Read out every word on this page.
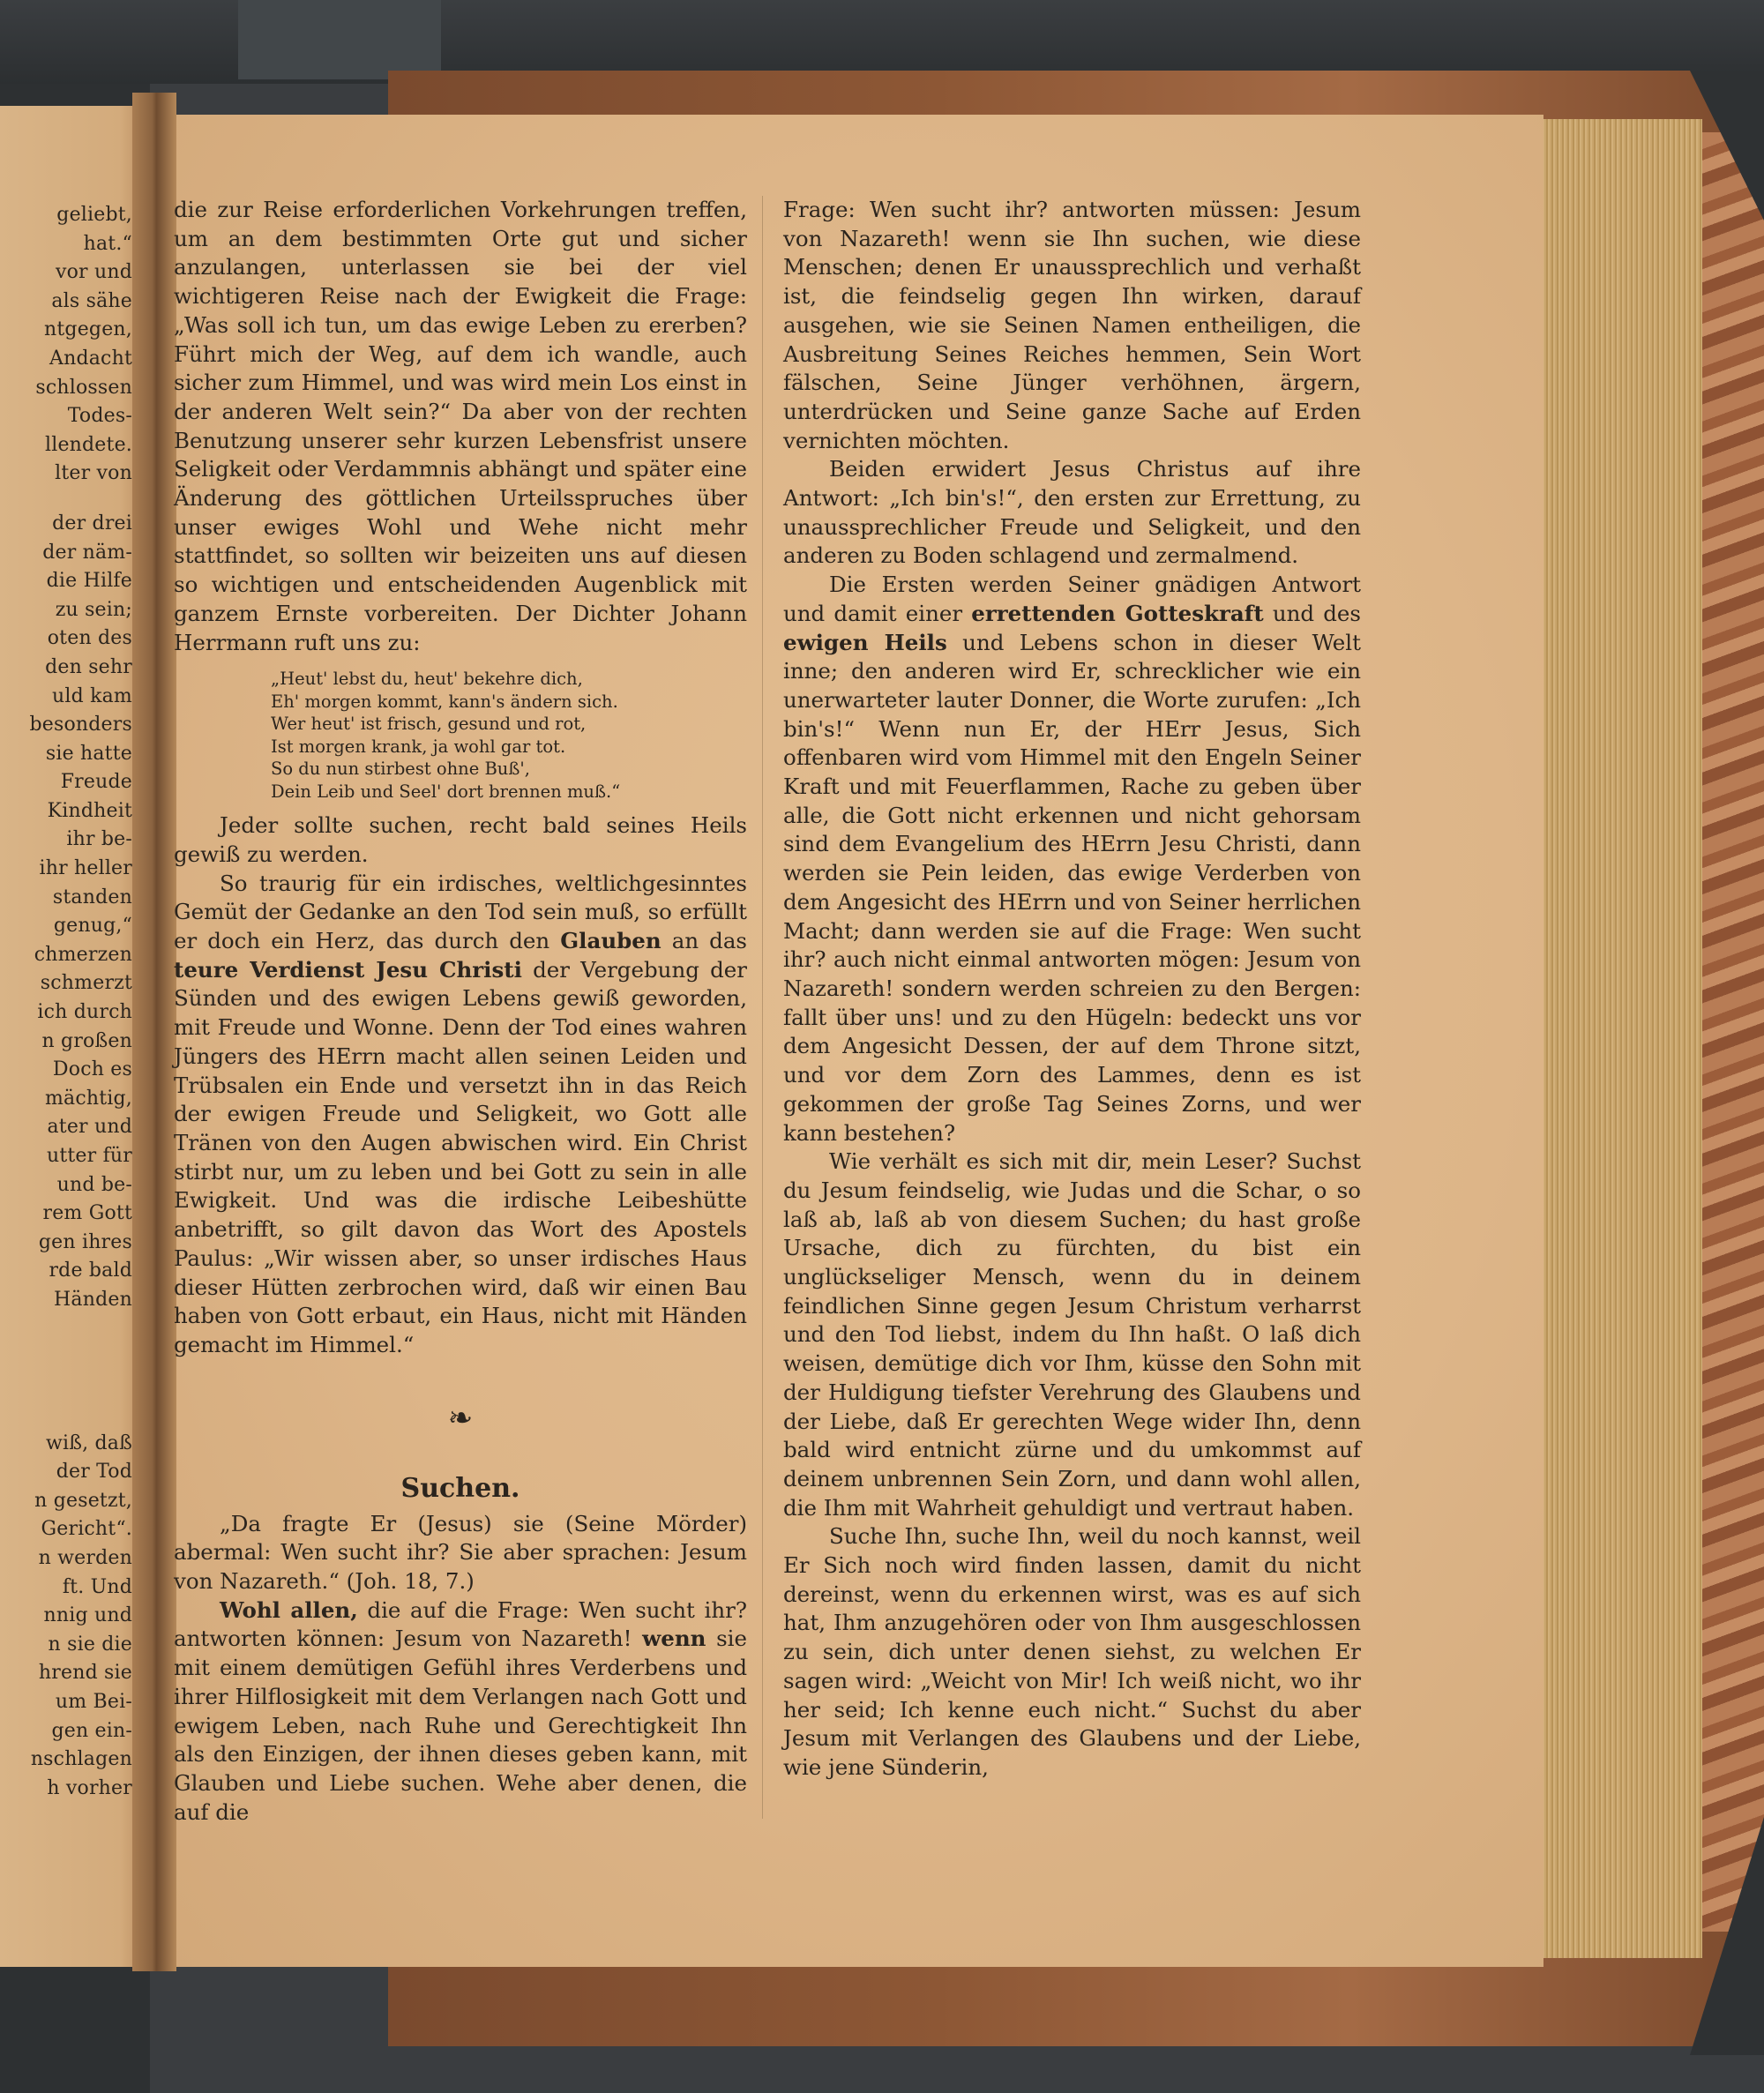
geliebt,
hat.“
vor und
als sähe
ntgegen,
Andacht
schlossen
Todes-
llendete.
lter von
der drei
der näm-
die Hilfe
zu sein;
oten des
den sehr
uld kam
besonders
sie hatte
Freude
Kindheit
ihr be-
ihr heller
standen
genug,“
chmerzen
schmerzt
ich durch
n großen
Doch es
mächtig,
ater und
utter für
und be-
rem Gott
gen ihres
rde bald
Händen
wiß, daß
der Tod
n gesetzt,
Gericht“.
n werden
ft. Und
nnig und
n sie die
hrend sie
um Bei-
gen ein-
nschlagen
h vorher

die zur Reise erforderlichen Vorkehrungen treffen, um an dem bestimmten Orte gut und sicher anzulangen, unterlassen sie bei der viel wichtigeren Reise nach der Ewigkeit die Frage: „Was soll ich tun, um das ewige Leben zu ererben? Führt mich der Weg, auf dem ich wandle, auch sicher zum Himmel, und was wird mein Los einst in der anderen Welt sein?“ Da aber von der rechten Benutzung unserer sehr kurzen Lebensfrist unsere Seligkeit oder Verdammnis abhängt und später eine Änderung des göttlichen Urteilsspruches über unser ewiges Wohl und Wehe nicht mehr stattfindet, so sollten wir beizeiten uns auf diesen so wichtigen und entscheidenden Augenblick mit ganzem Ernste vorbereiten. Der Dichter Johann Herrmann ruft uns zu:

„Heut' lebst du, heut' bekehre dich,
Eh' morgen kommt, kann's ändern sich.
Wer heut' ist frisch, gesund und rot,
Ist morgen krank, ja wohl gar tot.
So du nun stirbest ohne Buß',
Dein Leib und Seel' dort brennen muß.“

Jeder sollte suchen, recht bald seines Heils gewiß zu werden.

So traurig für ein irdisches, weltlichgesinntes Gemüt der Gedanke an den Tod sein muß, so erfüllt er doch ein Herz, das durch den Glauben an das teure Verdienst Jesu Christi der Vergebung der Sünden und des ewigen Lebens gewiß geworden, mit Freude und Wonne. Denn der Tod eines wahren Jüngers des HErrn macht allen seinen Leiden und Trübsalen ein Ende und versetzt ihn in das Reich der ewigen Freude und Seligkeit, wo Gott alle Tränen von den Augen abwischen wird. Ein Christ stirbt nur, um zu leben und bei Gott zu sein in alle Ewigkeit. Und was die irdische Leibeshütte anbetrifft, so gilt davon das Wort des Apostels Paulus: „Wir wissen aber, so unser irdisches Haus dieser Hütten zerbrochen wird, daß wir einen Bau haben von Gott erbaut, ein Haus, nicht mit Händen gemacht im Himmel.“

❧

Suchen.

„Da fragte Er (Jesus) sie (Seine Mörder) abermal: Wen sucht ihr? Sie aber sprachen: Jesum von Nazareth.“ (Joh. 18, 7.)

Wohl allen, die auf die Frage: Wen sucht ihr? antworten können: Jesum von Nazareth! wenn sie mit einem demütigen Gefühl ihres Verderbens und ihrer Hilflosigkeit mit dem Verlangen nach Gott und ewigem Leben, nach Ruhe und Gerechtigkeit Ihn als den Einzigen, der ihnen dieses geben kann, mit Glauben und Liebe suchen. Wehe aber denen, die auf die

Frage: Wen sucht ihr? antworten müssen: Jesum von Nazareth! wenn sie Ihn suchen, wie diese Menschen; denen Er unaussprechlich und verhaßt ist, die feindselig gegen Ihn wirken, darauf ausgehen, wie sie Seinen Namen entheiligen, die Ausbreitung Seines Reiches hemmen, Sein Wort fälschen, Seine Jünger verhöhnen, ärgern, unterdrücken und Seine ganze Sache auf Erden vernichten möchten.

Beiden erwidert Jesus Christus auf ihre Antwort: „Ich bin's!“, den ersten zur Errettung, zu unaussprechlicher Freude und Seligkeit, und den anderen zu Boden schlagend und zermalmend.

Die Ersten werden Seiner gnädigen Antwort und damit einer errettenden Gotteskraft und des ewigen Heils und Lebens schon in dieser Welt inne; den anderen wird Er, schrecklicher wie ein unerwarteter lauter Donner, die Worte zurufen: „Ich bin's!“ Wenn nun Er, der HErr Jesus, Sich offenbaren wird vom Himmel mit den Engeln Seiner Kraft und mit Feuerflammen, Rache zu geben über alle, die Gott nicht erkennen und nicht gehorsam sind dem Evangelium des HErrn Jesu Christi, dann werden sie Pein leiden, das ewige Verderben von dem Angesicht des HErrn und von Seiner herrlichen Macht; dann werden sie auf die Frage: Wen sucht ihr? auch nicht einmal antworten mögen: Jesum von Nazareth! sondern werden schreien zu den Bergen: fallt über uns! und zu den Hügeln: bedeckt uns vor dem Angesicht Dessen, der auf dem Throne sitzt, und vor dem Zorn des Lammes, denn es ist gekommen der große Tag Seines Zorns, und wer kann bestehen?

Wie verhält es sich mit dir, mein Leser? Suchst du Jesum feindselig, wie Judas und die Schar, o so laß ab, laß ab von diesem Suchen; du hast große Ursache, dich zu fürchten, du bist ein unglückseliger Mensch, wenn du in deinem feindlichen Sinne gegen Jesum Christum verharrst und den Tod liebst, indem du Ihn haßt. O laß dich weisen, demütige dich vor Ihm, küsse den Sohn mit der Huldigung tiefster Verehrung des Glaubens und der Liebe, daß Er gerechten Wege wider Ihn, denn bald wird entnicht zürne und du umkommst auf deinem unbrennen Sein Zorn, und dann wohl allen, die Ihm mit Wahrheit gehuldigt und vertraut haben.

Suche Ihn, suche Ihn, weil du noch kannst, weil Er Sich noch wird finden lassen, damit du nicht dereinst, wenn du erkennen wirst, was es auf sich hat, Ihm anzugehören oder von Ihm ausgeschlossen zu sein, dich unter denen siehst, zu welchen Er sagen wird: „Weicht von Mir! Ich weiß nicht, wo ihr her seid; Ich kenne euch nicht.“ Suchst du aber Jesum mit Verlangen des Glaubens und der Liebe, wie jene Sünderin,
